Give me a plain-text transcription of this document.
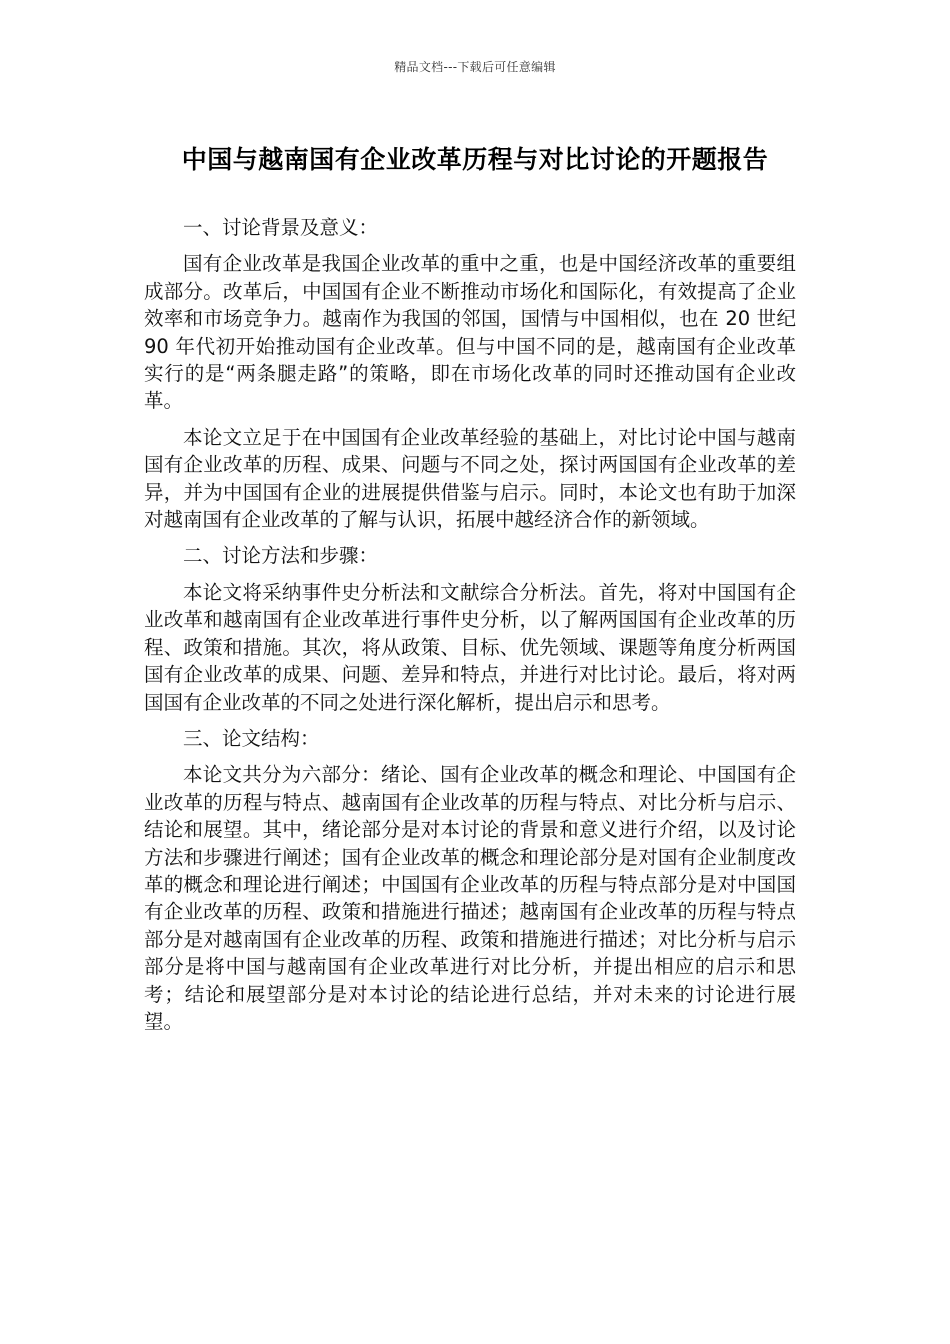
精品文档---下载后可任意编辑
中国与越南国有企业改革历程与对比讨论的开题报告

一、讨论背景及意义：

国有企业改革是我国企业改革的重中之重，也是中国经济改革的重要组成部分。改革后，中国国有企业不断推动市场化和国际化，有效提高了企业效率和市场竞争力。越南作为我国的邻国，国情与中国相似，也在 20 世纪 90 年代初开始推动国有企业改革。但与中国不同的是，越南国有企业改革实行的是“两条腿走路”的策略，即在市场化改革的同时还推动国有企业改革。

本论文立足于在中国国有企业改革经验的基础上，对比讨论中国与越南国有企业改革的历程、成果、问题与不同之处，探讨两国国有企业改革的差异，并为中国国有企业的进展提供借鉴与启示。同时，本论文也有助于加深对越南国有企业改革的了解与认识，拓展中越经济合作的新领域。

二、讨论方法和步骤：

本论文将采纳事件史分析法和文献综合分析法。首先，将对中国国有企业改革和越南国有企业改革进行事件史分析，以了解两国国有企业改革的历程、政策和措施。其次，将从政策、目标、优先领域、课题等角度分析两国国有企业改革的成果、问题、差异和特点，并进行对比讨论。最后，将对两国国有企业改革的不同之处进行深化解析，提出启示和思考。

三、论文结构：

本论文共分为六部分：绪论、国有企业改革的概念和理论、中国国有企业改革的历程与特点、越南国有企业改革的历程与特点、对比分析与启示、结论和展望。其中，绪论部分是对本讨论的背景和意义进行介绍，以及讨论方法和步骤进行阐述；国有企业改革的概念和理论部分是对国有企业制度改革的概念和理论进行阐述；中国国有企业改革的历程与特点部分是对中国国有企业改革的历程、政策和措施进行描述；越南国有企业改革的历程与特点部分是对越南国有企业改革的历程、政策和措施进行描述；对比分析与启示部分是将中国与越南国有企业改革进行对比分析，并提出相应的启示和思考；结论和展望部分是对本讨论的结论进行总结，并对未来的讨论进行展望。
